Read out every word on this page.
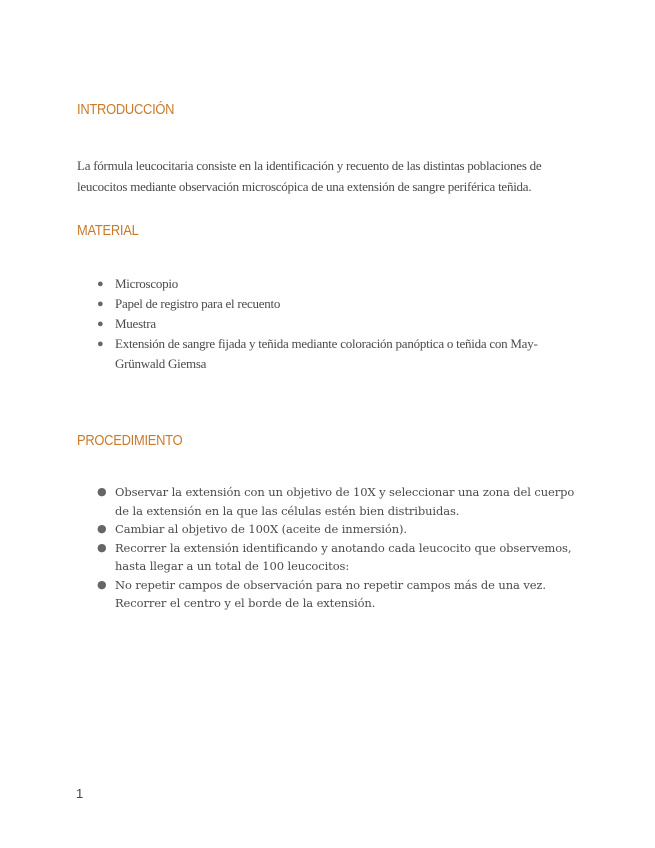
INTRODUCCIÓN

La fórmula leucocitaria consiste en la identificación y recuento de las distintas poblaciones de leucocitos mediante observación microscópica de una extensión de sangre periférica teñida.

MATERIAL
● Microscopio
● Papel de registro para el recuento
● Muestra
● Extensión de sangre fijada y teñida mediante coloración panóptica o teñida con May-Grünwald Giemsa
PROCEDIMIENTO
● Observar la extensión con un objetivo de 10X y seleccionar una zona del cuerpo de la extensión en la que las células estén bien distribuidas.
● Cambiar al objetivo de 100X (aceite de inmersión).
● Recorrer la extensión identificando y anotando cada leucocito que observemos, hasta llegar a un total de 100 leucocitos:
● No repetir campos de observación para no repetir campos más de una vez. Recorrer el centro y el borde de la extensión.
1
